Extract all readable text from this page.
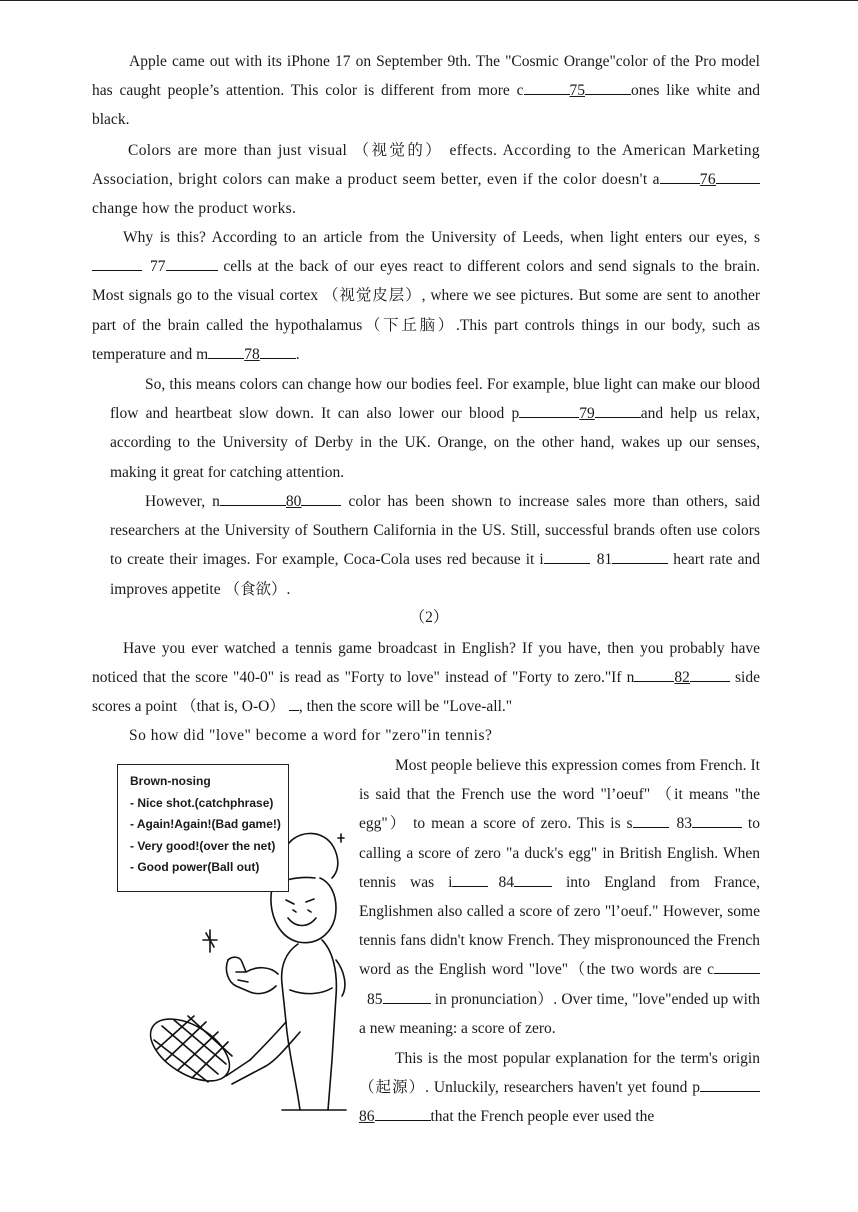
Apple came out with its iPhone 17 on September 9th. The "Cosmic Orange"color of the Pro model has caught people’s attention. This color is different from more c	75	ones like white and black.

Colors are more than just visual （视觉的） effects. According to the American Marketing Association, bright colors can make a product seem better, even if the color doesn't a	76 change how the product works.

Why is this? According to an article from the University of Leeds, when light enters our eyes, s77	cells at the back of our eyes react to different colors and send signals to the brain. Most signals go to the visual cortex （视觉皮层）, where we see pictures. But some are sent to another part of the brain called the hypothalamus（下丘脑）.This part controls things in our body, such as temperature and m 78 .

So, this means colors can change how our bodies feel. For example, blue light can make our blood flow and heartbeat slow down. It can also lower our blood p	79	and help us relax, according to the University of Derby in the UK. Orange, on the other hand, wakes up our senses, making it great for catching attention.

However, n	80	color has been shown to increase sales more than others, said researchers at the University of Southern California in the US. Still, successful brands often use colors to create their images. For example, Coca-Cola uses red because it i	81	heart rate and improves appetite （食欲）.

（2）

Have you ever watched a tennis game broadcast in English? If you have, then you probably have noticed that the score "40-0" is read as "Forty to love" instead of "Forty to zero."If n	82	side scores a point （that is, O-O） , then the score will be "Love-all."

So how did "love" become a word for "zero"in tennis?

Brown-nosing
- Nice shot.(catchphrase)
- Again!Again!(Bad game!)
- Very good!(over the net)
- Good power(Ball out)

Most people believe this expression comes from French. It is said that the French use the word "l’oeuf" （it means "the egg"） to mean a score of zero. This is s	83	to calling a score of zero "a duck's egg" in British English. When tennis was i	84 into England from France, Englishmen also called a score of zero "l’oeuf." However, some tennis fans didn't know French. They mispronounced the French word as the English word "love"（the two words are c85	in pronunciation）. Over time, "love"ended up with a new meaning: a score of zero.

This is the most popular explanation for the term's origin（起源）. Unluckily, researchers haven't yet found p86	that the French people ever used the
